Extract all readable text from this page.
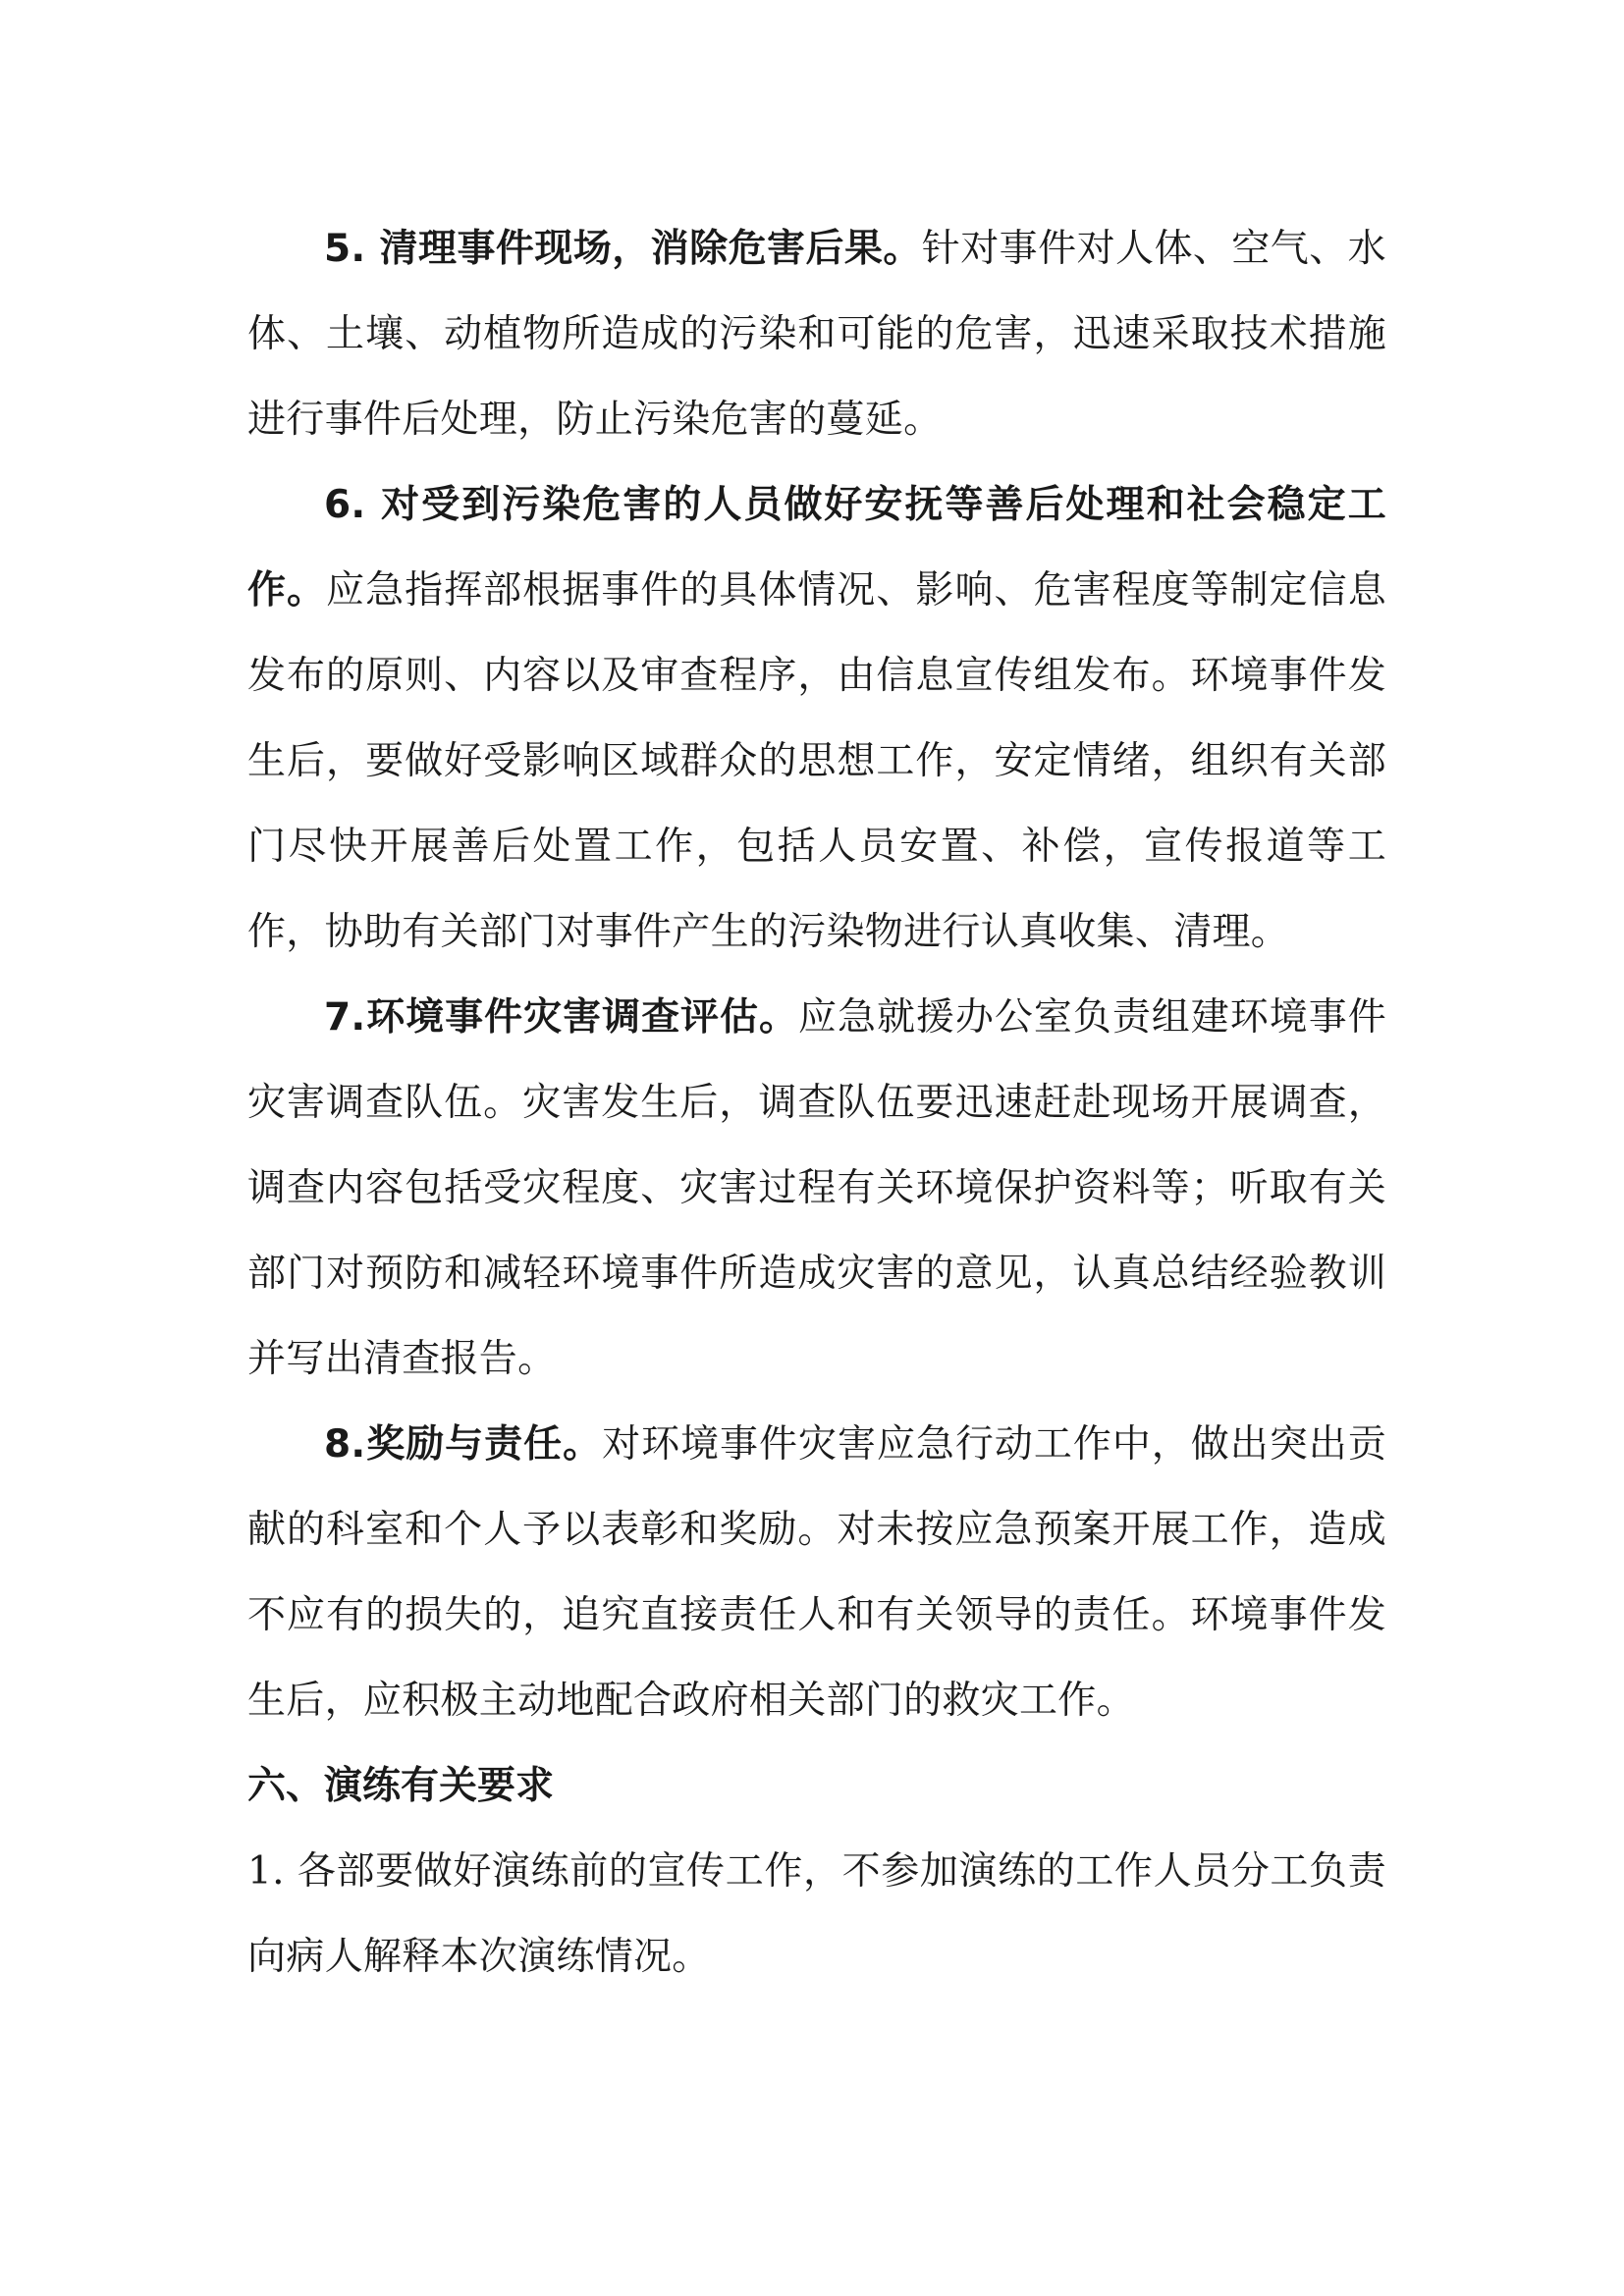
5. 清理事件现场，消除危害后果。针对事件对人体、空气、水体、土壤、动植物所造成的污染和可能的危害，迅速采取技术措施进行事件后处理，防止污染危害的蔓延。

6. 对受到污染危害的人员做好安抚等善后处理和社会稳定工作。应急指挥部根据事件的具体情况、影响、危害程度等制定信息发布的原则、内容以及审查程序，由信息宣传组发布。环境事件发生后，要做好受影响区域群众的思想工作，安定情绪，组织有关部门尽快开展善后处置工作，包括人员安置、补偿，宣传报道等工作，协助有关部门对事件产生的污染物进行认真收集、清理。

7.环境事件灾害调查评估。应急就援办公室负责组建环境事件灾害调查队伍。灾害发生后，调查队伍要迅速赶赴现场开展调查，调查内容包括受灾程度、灾害过程有关环境保护资料等；听取有关部门对预防和减轻环境事件所造成灾害的意见，认真总结经验教训并写出清查报告。

8.奖励与责任。对环境事件灾害应急行动工作中，做出突出贡献的科室和个人予以表彰和奖励。对未按应急预案开展工作，造成不应有的损失的，追究直接责任人和有关领导的责任。环境事件发生后，应积极主动地配合政府相关部门的救灾工作。

六、演练有关要求

1. 各部要做好演练前的宣传工作，不参加演练的工作人员分工负责向病人解释本次演练情况。
